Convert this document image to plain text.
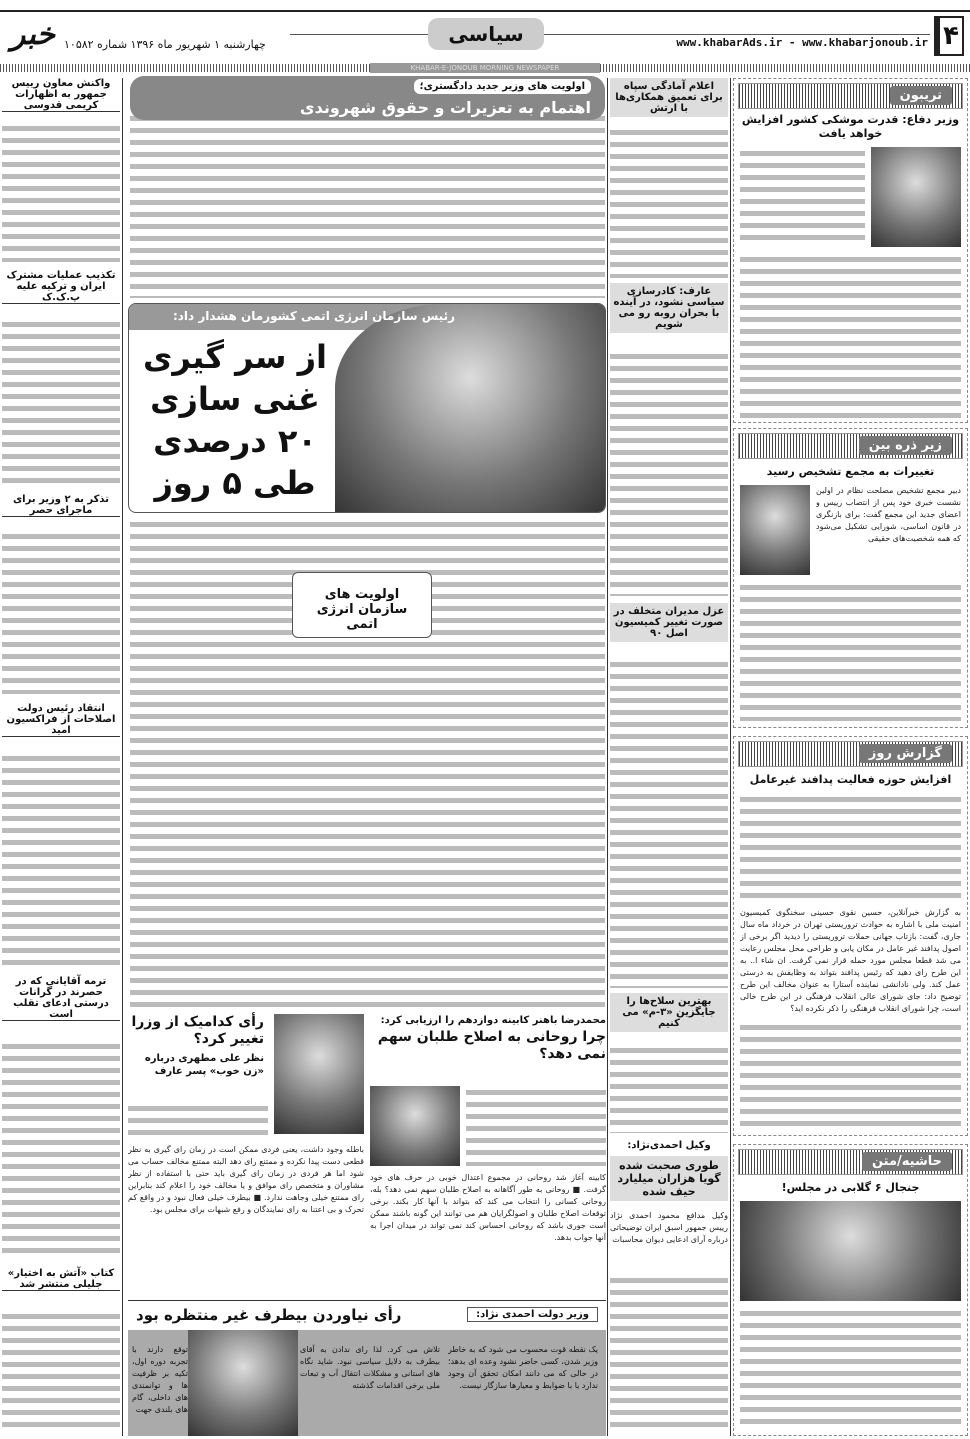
۴
www.khabarAds.ir - www.khabarjonoub.ir
سیاسی
چهارشنبه ۱ شهریور ماه ۱۳۹۶ شماره ۱۰۵۸۲
خبر
KHABAR-E-JONOUB MORNING NEWSPAPER
تریبون
وزیر دفاع: قدرت موشکی کشور افزایش خواهد یافت
زیر ذره بین
تغییرات به مجمع تشخیص رسید
دبیر مجمع تشخیص مصلحت نظام در اولین نشست خبری خود پس از انتصاب رییس و اعضای جدید این مجمع گفت: برای بازنگری در قانون اساسی، شورایی تشکیل می‌شود که همه شخصیت‌های حقیقی
گزارش روز
افزایش حوزه فعالیت پدافند غیرعامل
به گزارش خبرآنلاین، حسین نقوی حسینی سخنگوی کمیسیون امنیت ملی با اشاره به حوادث تروریستی تهران در خرداد ماه سال جاری، گفت: بازتاب جهانی حملات تروریستی را دیدید اگر برخی از اصول پدافند غیر عامل در مکان یابی و طراحی محل مجلس رعایت می شد قطعا مجلس مورد حمله قرار نمی گرفت. ان شاء ا.. به این طرح رای دهید که رئیس پدافند بتواند به وظایفش به درستی عمل کند. ولی نادانشی نماینده آستارا به عنوان مخالف این طرح توضیح داد: جای شورای عالی انقلاب فرهنگی در این طرح خالی است، چرا شورای انقلاب فرهنگی را ذکر نکرده اید؟
حاشیه/متن
جنجال ۶ گلابی در مجلس!
اعلام آمادگی سپاه برای تعمیق همکاری‌ها با ارتش
عارف: کادرسازی سیاسی نشود، در آینده با بحران روبه رو می شویم
عزل مدیران متخلف در صورت تغییر کمیسیون اصل ۹۰
بهترین سلاح‌ها را جایگزین «۳-م» می کنیم
وکیل احمدی‌نژاد:
طوری صحبت شده گویا هزاران میلیارد حیف شده
وکیل مدافع محمود احمدی نژاد رییس جمهور اسبق ایران توضیحاتی درباره آرای ادعایی دیوان محاسبات
واکنش معاون رییس جمهور به اظهارات کریمی قدوسی
تکذیب عملیات مشترک ایران و ترکیه علیه پ.ک.ک
تذکر به ۲ وزیر برای ماجرای حصر
انتقاد رئیس دولت اصلاحات از فراکسیون امید
ترمه آقایانی که در حصرند در گرانات درستی ادعای تقلب است
کتاب «آتش به اختیار» جلیلی منتشر شد
اولویت های وزیر جدید دادگستری؛
اهتمام به تعزیرات و حقوق شهروندی
رئیس سازمان انرژی اتمی کشورمان هشدار داد:
از سر گیری
غنی سازی
۲۰ درصدی
طی ۵ روز
اولویت های سازمان انرژی اتمی
محمدرضا باهنر کابینه دوازدهم را ارزیابی کرد:
چرا روحانی به اصلاح طلبان سهم نمی دهد؟
کابینه آغاز شد روحانی در مجموع اعتدال خوبی در حرف های خود گرفت. ■ روحانی به طور آگاهانه به اصلاح طلبان سهم نمی دهد؟ بله، روحانی کسانی را انتخاب می کند که بتواند با آنها کار بکند. برخی توقعات اصلاح طلبان و اصولگرایان هم می توانند این گونه باشند ممکن است جوری باشد که روحانی احساس کند نمی تواند در میدان اجرا به آنها جواب بدهد.
رأی کدامیک از وزرا تغییر کرد؟
نظر علی مطهری درباره «زن خوب» پسر عارف
باطله وجود داشت، یعنی فردی ممکن است در زمان رای گیری به نظر قطعی دست پیدا نکرده و ممتنع رای دهد البته ممتنع مخالف حساب می شود اما هر فردی در زمان رای گیری باید حتی با استفاده از نظر مشاوران و متخصص رای موافق و یا مخالف خود را اعلام کند بنابراین رای ممتنع خیلی وجاهت ندارد. ■ بیطرف خیلی فعال نبود و در واقع کم تحرک و بی اعتنا به رای نمایندگان و رفع شبهات برای مجلس بود.
وزیر دولت احمدی نژاد:
رأی نیاوردن بیطرف غیر منتظره بود
یک نقطه قوت محسوب می شود که به خاطر وزیر شدن، کسی حاضر نشود وعده ای بدهد؛ در حالی که می دانند امکان تحقق آن وجود ندارد یا با ضوابط و معیارها سازگار نیست.
تلاش می کرد. لذا رای ندادن به آقای بیطرف به دلایل سیاسی نبود. شاید نگاه های استانی و مشکلات انتقال آب و تبعات ملی برخی اقدامات گذشته
توقع دارند با تجربه دوره اول، تکیه بر ظرفیت ها و توانمندی های داخلی، گام های بلندی جهت
